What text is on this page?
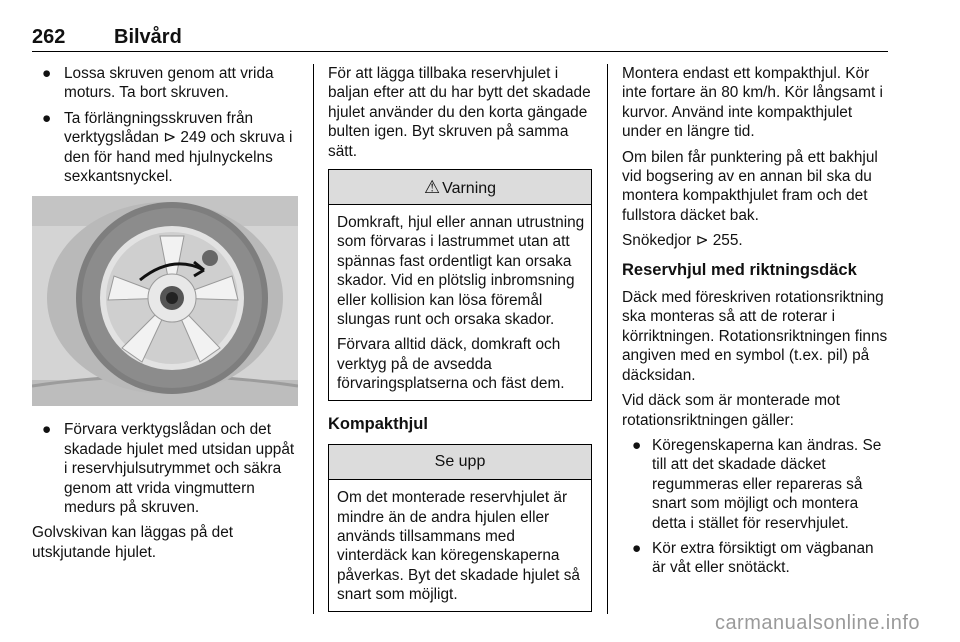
262 Bilvård
● Lossa skruven genom att vrida moturs. Ta bort skruven.
● Ta förlängningsskruven från verktygslådan ⊳ 249 och skruva i den för hand med hjulnyckelns sexkantsnyckel.
● Förvara verktygslådan och det skadade hjulet med utsidan uppåt i reservhjulsutrymmet och säkra genom att vrida vingmuttern medurs på skruven.

Golvskivan kan läggas på det utskjutande hjulet.

För att lägga tillbaka reservhjulet i baljan efter att du har bytt det skadade hjulet använder du den korta gängade bulten igen. Byt skruven på samma sätt.

⚠ Varning

Domkraft, hjul eller annan utrustning som förvaras i lastrummet utan att spännas fast ordentligt kan orsaka skador. Vid en plötslig inbromsning eller kollision kan lösa föremål slungas runt och orsaka skador.

Förvara alltid däck, domkraft och verktyg på de avsedda förvaringsplatserna och fäst dem.

Kompakthjul
Se upp

Om det monterade reservhjulet är mindre än de andra hjulen eller används tillsammans med vinterdäck kan köregenskaperna påverkas. Byt det skadade hjulet så snart som möjligt.

Montera endast ett kompakthjul. Kör inte fortare än 80 km/h. Kör långsamt i kurvor. Använd inte kompakthjulet under en längre tid.

Om bilen får punktering på ett bakhjul vid bogsering av en annan bil ska du montera kompakthjulet fram och det fullstora däcket bak.

Snökedjor ⊳ 255.

Reservhjul med riktningsdäck

Däck med föreskriven rotationsriktning ska monteras så att de roterar i körriktningen. Rotationsriktningen finns angiven med en symbol (t.ex. pil) på däcksidan.

Vid däck som är monterade mot rotationsriktningen gäller:

● Köregenskaperna kan ändras. Se till att det skadade däcket regummeras eller repareras så snart som möjligt och montera detta i stället för reservhjulet.
● Kör extra försiktigt om vägbanan är våt eller snötäckt.
carmanualsonline.info
